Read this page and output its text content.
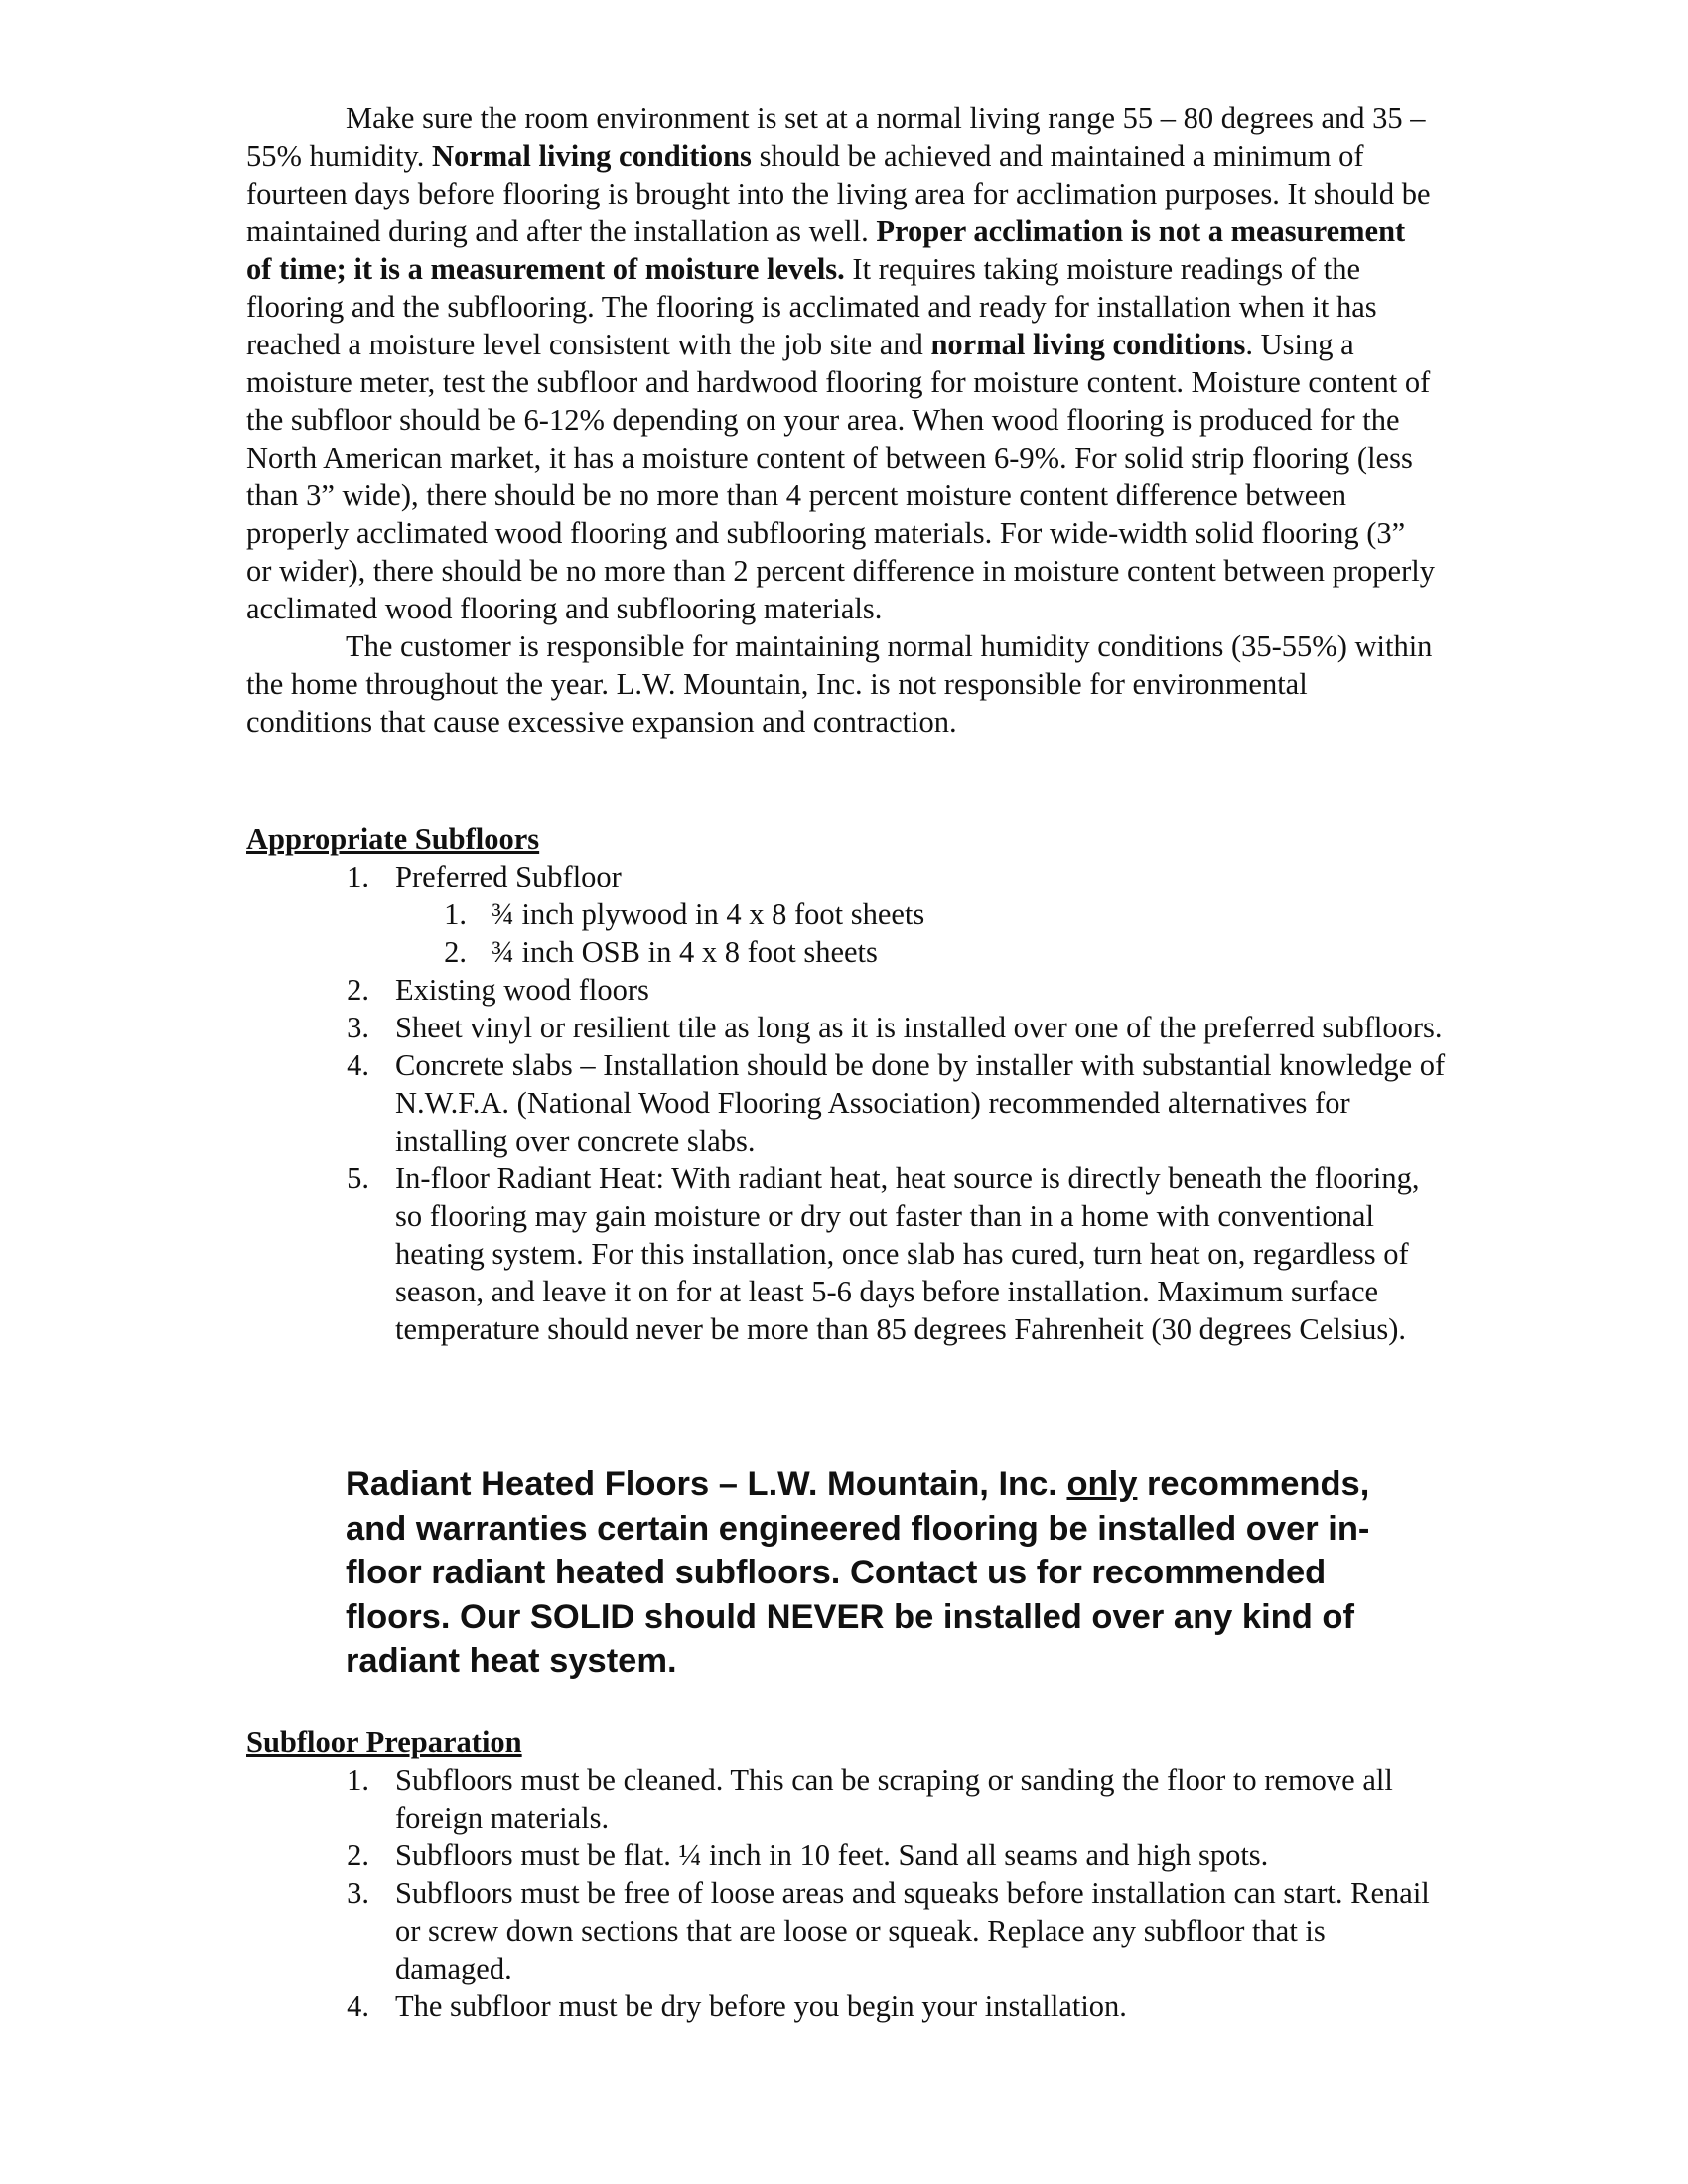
Make sure the room environment is set at a normal living range 55 – 80 degrees and 35 – 55% humidity. Normal living conditions should be achieved and maintained a minimum of fourteen days before flooring is brought into the living area for acclimation purposes. It should be maintained during and after the installation as well. Proper acclimation is not a measurement of time; it is a measurement of moisture levels. It requires taking moisture readings of the flooring and the subflooring. The flooring is acclimated and ready for installation when it has reached a moisture level consistent with the job site and normal living conditions. Using a moisture meter, test the subfloor and hardwood flooring for moisture content. Moisture content of the subfloor should be 6-12% depending on your area. When wood flooring is produced for the North American market, it has a moisture content of between 6-9%. For solid strip flooring (less than 3” wide), there should be no more than 4 percent moisture content difference between properly acclimated wood flooring and subflooring materials. For wide-width solid flooring (3” or wider), there should be no more than 2 percent difference in moisture content between properly acclimated wood flooring and subflooring materials.
The customer is responsible for maintaining normal humidity conditions (35-55%) within the home throughout the year. L.W. Mountain, Inc. is not responsible for environmental conditions that cause excessive expansion and contraction.

Appropriate Subfloors
1. Preferred Subfloor
1. ¾ inch plywood in 4 x 8 foot sheets
2. ¾ inch OSB in 4 x 8 foot sheets
2. Existing wood floors
3. Sheet vinyl or resilient tile as long as it is installed over one of the preferred subfloors.
4. Concrete slabs – Installation should be done by installer with substantial knowledge of N.W.F.A. (National Wood Flooring Association) recommended alternatives for installing over concrete slabs.
5. In-floor Radiant Heat: With radiant heat, heat source is directly beneath the flooring, so flooring may gain moisture or dry out faster than in a home with conventional heating system. For this installation, once slab has cured, turn heat on, regardless of season, and leave it on for at least 5-6 days before installation. Maximum surface temperature should never be more than 85 degrees Fahrenheit (30 degrees Celsius).

Radiant Heated Floors – L.W. Mountain, Inc. only recommends, and warranties certain engineered flooring be installed over in-floor radiant heated subfloors. Contact us for recommended floors. Our SOLID should NEVER be installed over any kind of radiant heat system.

Subfloor Preparation
1. Subfloors must be cleaned. This can be scraping or sanding the floor to remove all foreign materials.
2. Subfloors must be flat. ¼ inch in 10 feet. Sand all seams and high spots.
3. Subfloors must be free of loose areas and squeaks before installation can start. Renail or screw down sections that are loose or squeak. Replace any subfloor that is damaged.
4. The subfloor must be dry before you begin your installation.
